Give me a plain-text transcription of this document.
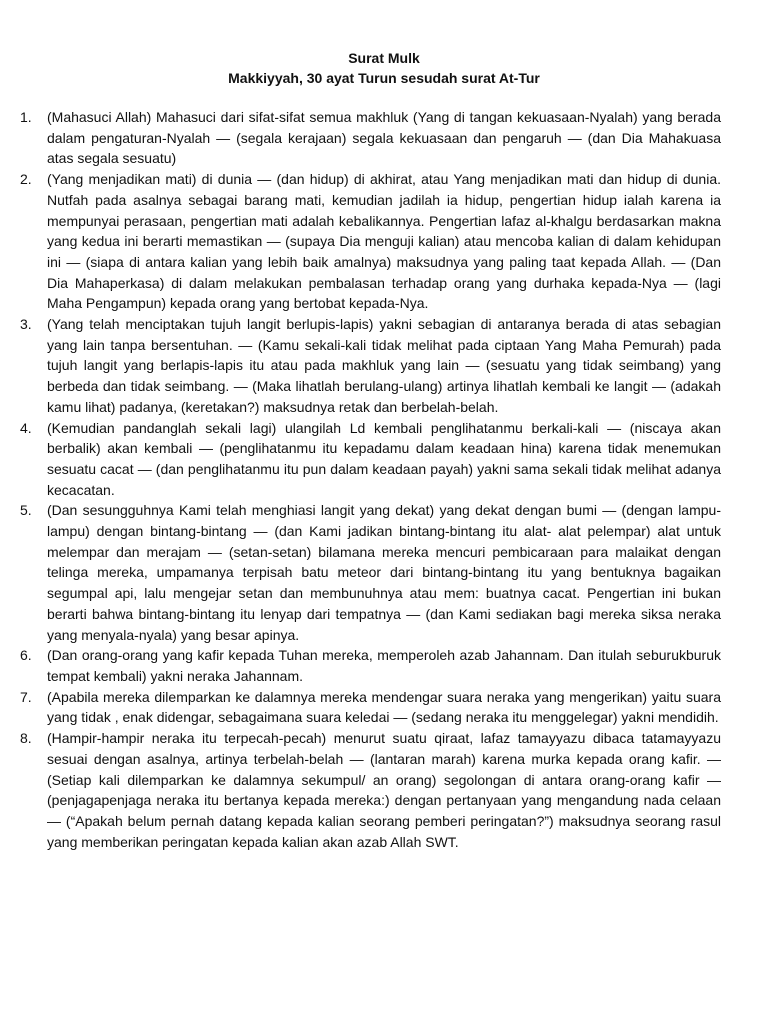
Surat Mulk
Makkiyyah, 30 ayat Turun sesudah surat At-Tur
1.	(Mahasuci Allah) Mahasuci dari sifat-sifat semua makhluk (Yang di tangan kekuasaan-Nyalah) yang berada dalam pengaturan-Nyalah — (segala kerajaan) segala kekuasaan dan pengaruh — (dan Dia Mahakuasa atas segala sesuatu)
2.	(Yang menjadikan mati) di dunia — (dan hidup) di akhirat, atau Yang menjadikan mati dan hidup di dunia. Nutfah pada asalnya sebagai barang mati, kemudian jadilah ia hidup, pengertian hidup ialah karena ia mempunyai perasaan, pengertian mati adalah kebalikannya. Pengertian lafaz al-khalgu berdasarkan makna yang kedua ini berarti memastikan — (supaya Dia menguji kalian) atau mencoba kalian di dalam kehidupan ini — (siapa di antara kalian yang lebih baik amalnya) maksudnya yang paling taat kepada Allah. — (Dan Dia Mahaperkasa) di dalam melakukan pembalasan terhadap orang yang durhaka kepada-Nya — (lagi Maha Pengampun) kepada orang yang bertobat kepada-Nya.
3.	(Yang telah menciptakan tujuh langit berlupis-lapis) yakni sebagian di antaranya berada di atas sebagian yang lain tanpa bersentuhan. — (Kamu sekali-kali tidak melihat pada ciptaan Yang Maha Pemurah) pada tujuh langit yang berlapis-lapis itu atau pada makhluk yang lain — (sesuatu yang tidak seimbang) yang berbeda dan tidak seimbang. — (Maka lihatlah berulang-ulang) artinya lihatlah kembali ke langit — (adakah kamu lihat) padanya, (keretakan?) maksudnya retak dan berbelah-belah.
4.	(Kemudian pandanglah sekali lagi) ulangilah Ld kembali penglihatanmu berkali-kali — (niscaya akan berbalik) akan kembali — (penglihatanmu itu kepadamu dalam keadaan hina) karena tidak menemukan sesuatu cacat — (dan penglihatanmu itu pun dalam keadaan payah) yakni sama sekali tidak melihat adanya kecacatan.
5.	(Dan sesungguhnya Kami telah menghiasi langit yang dekat) yang dekat dengan bumi — (dengan lampu-lampu) dengan bintang-bintang — (dan Kami jadikan bintang-bintang itu alat- alat pelempar) alat untuk melempar dan merajam — (setan-setan) bilamana mereka mencuri pembicaraan para malaikat dengan telinga mereka, umpamanya terpisah batu meteor dari bintang-bintang itu yang bentuknya bagaikan segumpal api, lalu mengejar setan dan membunuhnya atau mem: buatnya cacat. Pengertian ini bukan berarti bahwa bintang-bintang itu lenyap dari tempatnya — (dan Kami sediakan bagi mereka siksa neraka yang menyala-nyala) yang besar apinya.
6.	(Dan orang-orang yang kafir kepada Tuhan mereka, memperoleh azab Jahannam. Dan itulah seburukburuk tempat kembali) yakni neraka Jahannam.
7.	(Apabila mereka dilemparkan ke dalamnya mereka mendengar suara neraka yang mengerikan) yaitu suara yang tidak , enak didengar, sebagaimana suara keledai — (sedang neraka itu menggelegar) yakni mendidih.
8.	(Hampir-hampir neraka itu terpecah-pecah) menurut suatu qiraat, lafaz tamayyazu dibaca tatamayyazu sesuai dengan asalnya, artinya terbelah-belah — (lantaran marah) karena murka kepada orang kafir. — (Setiap kali dilemparkan ke dalamnya sekumpul/ an orang) segolongan di antara orang-orang kafir — (penjagapenjaga neraka itu bertanya kepada mereka:) dengan pertanyaan yang mengandung nada celaan — (“Apakah belum pernah datang kepada kalian seorang pemberi peringatan?”) maksudnya seorang rasul yang memberikan peringatan kepada kalian akan azab Allah SWT.
